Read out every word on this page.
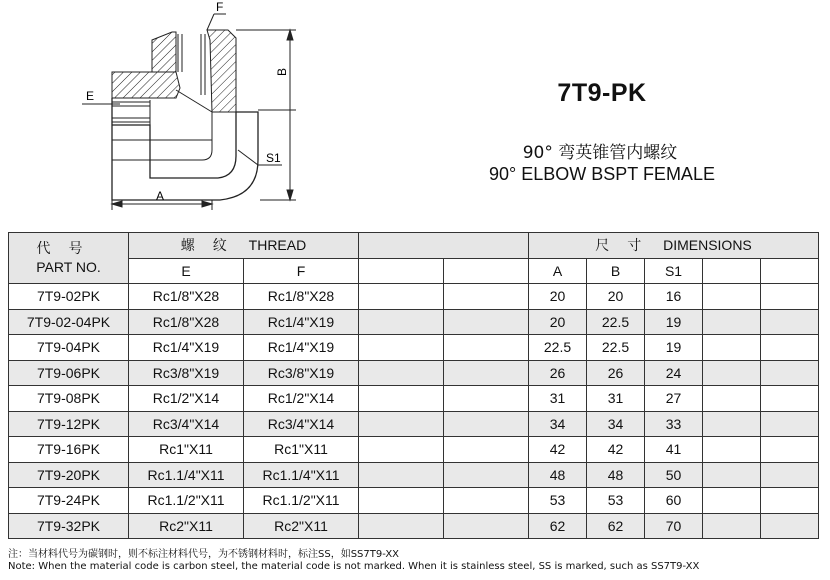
F
B
E
S1
A
7T9-PK
90° 弯英锥管内螺纹
90° ELBOW BSPT FEMALE
代号
PART NO.	螺纹 THREAD				尺寸 DIMENSIONS				
	E	F			A	B	S1		
7T9-02PK	Rc1/8"X28	Rc1/8"X28			20	20	16		
7T9-02-04PK	Rc1/8"X28	Rc1/4"X19			20	22.5	19		
7T9-04PK	Rc1/4"X19	Rc1/4"X19			22.5	22.5	19		
7T9-06PK	Rc3/8"X19	Rc3/8"X19			26	26	24		
7T9-08PK	Rc1/2"X14	Rc1/2"X14			31	31	27		
7T9-12PK	Rc3/4"X14	Rc3/4"X14			34	34	33		
7T9-16PK	Rc1"X11	Rc1"X11			42	42	41		
7T9-20PK	Rc1.1/4"X11	Rc1.1/4"X11			48	48	50		
7T9-24PK	Rc1.1/2"X11	Rc1.1/2"X11			53	53	60		
7T9-32PK	Rc2"X11	Rc2"X11			62	62	70		
注：当材料代号为碳钢时，则不标注材料代号，为不锈钢材料时，标注SS，如SS7T9-XX
Note: When the material code is carbon steel, the material code is not marked. When it is stainless steel, SS is marked, such as SS7T9-XX
